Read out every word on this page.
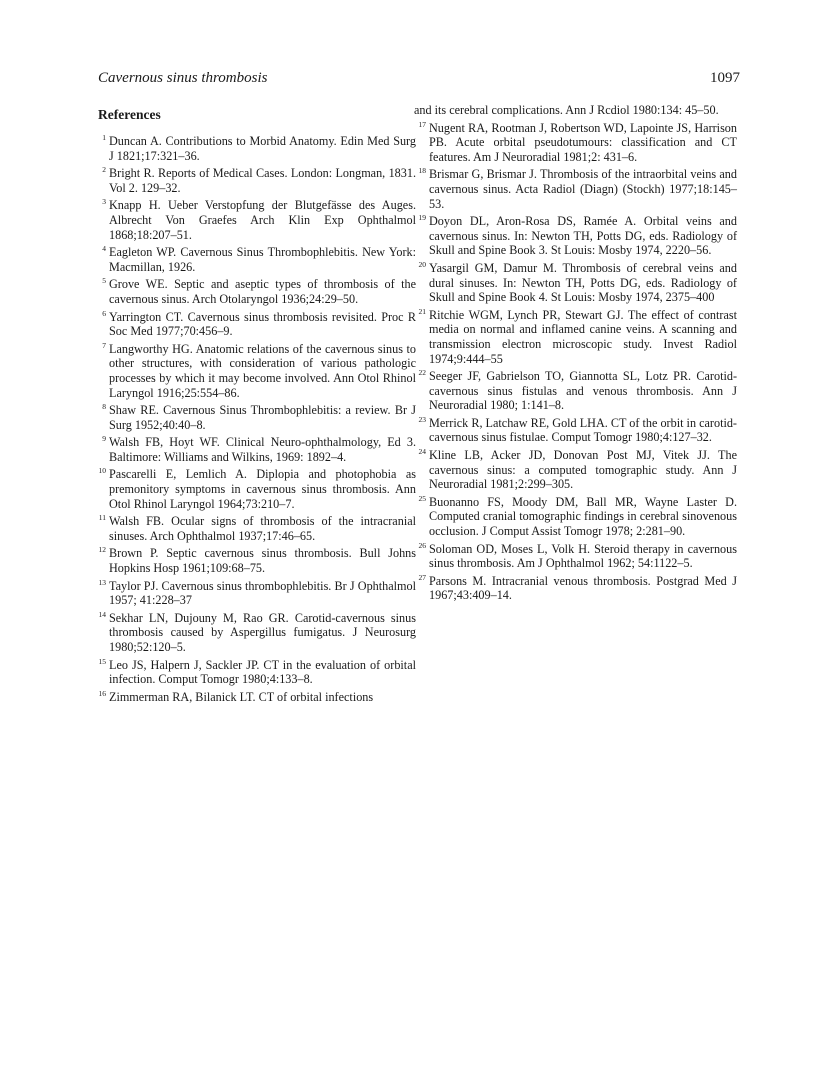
Cavernous sinus thrombosis	1097
References
1 Duncan A. Contributions to Morbid Anatomy. Edin Med Surg J 1821;17:321–36.
2 Bright R. Reports of Medical Cases. London: Longman, 1831. Vol 2. 129–32.
3 Knapp H. Ueber Verstopfung der Blutgefässe des Auges. Albrecht Von Graefes Arch Klin Exp Ophthalmol 1868;18:207–51.
4 Eagleton WP. Cavernous Sinus Thrombophlebitis. New York: Macmillan, 1926.
5 Grove WE. Septic and aseptic types of thrombosis of the cavernous sinus. Arch Otolaryngol 1936;24:29–50.
6 Yarrington CT. Cavernous sinus thrombosis revisited. Proc R Soc Med 1977;70:456–9.
7 Langworthy HG. Anatomic relations of the cavernous sinus to other structures, with consideration of various pathologic processes by which it may become involved. Ann Otol Rhinol Laryngol 1916;25:554–86.
8 Shaw RE. Cavernous Sinus Thrombophlebitis: a review. Br J Surg 1952;40:40–8.
9 Walsh FB, Hoyt WF. Clinical Neuro-ophthalmology, Ed 3. Baltimore: Williams and Wilkins, 1969: 1892–4.
10 Pascarelli E, Lemlich A. Diplopia and photophobia as premonitory symptoms in cavernous sinus thrombosis. Ann Otol Rhinol Laryngol 1964;73:210–7.
11 Walsh FB. Ocular signs of thrombosis of the intracranial sinuses. Arch Ophthalmol 1937;17:46–65.
12 Brown P. Septic cavernous sinus thrombosis. Bull Johns Hopkins Hosp 1961;109:68–75.
13 Taylor PJ. Cavernous sinus thrombophlebitis. Br J Ophthalmol 1957; 41:228–37
14 Sekhar LN, Dujouny M, Rao GR. Carotid-cavernous sinus thrombosis caused by Aspergillus fumigatus. J Neurosurg 1980;52:120–5.
15 Leo JS, Halpern J, Sackler JP. CT in the evaluation of orbital infection. Comput Tomogr 1980;4:133–8.
16 Zimmerman RA, Bilanick LT. CT of orbital infections
and its cerebral complications. Ann J Rcdiol 1980:134: 45–50.
17 Nugent RA, Rootman J, Robertson WD, Lapointe JS, Harrison PB. Acute orbital pseudotumours: classification and CT features. Am J Neuroradial 1981;2: 431–6.
18 Brismar G, Brismar J. Thrombosis of the intraorbital veins and cavernous sinus. Acta Radiol (Diagn) (Stockh) 1977;18:145–53.
19 Doyon DL, Aron-Rosa DS, Ramée A. Orbital veins and cavernous sinus. In: Newton TH, Potts DG, eds. Radiology of Skull and Spine Book 3. St Louis: Mosby 1974, 2220–56.
20 Yasargil GM, Damur M. Thrombosis of cerebral veins and dural sinuses. In: Newton TH, Potts DG, eds. Radiology of Skull and Spine Book 4. St Louis: Mosby 1974, 2375–400
21 Ritchie WGM, Lynch PR, Stewart GJ. The effect of contrast media on normal and inflamed canine veins. A scanning and transmission electron microscopic study. Invest Radiol 1974;9:444–55
22 Seeger JF, Gabrielson TO, Giannotta SL, Lotz PR. Carotid-cavernous sinus fistulas and venous thrombosis. Ann J Neuroradial 1980; 1:141–8.
23 Merrick R, Latchaw RE, Gold LHA. CT of the orbit in carotid-cavernous sinus fistulae. Comput Tomogr 1980;4:127–32.
24 Kline LB, Acker JD, Donovan Post MJ, Vitek JJ. The cavernous sinus: a computed tomographic study. Ann J Neuroradial 1981;2:299–305.
25 Buonanno FS, Moody DM, Ball MR, Wayne Laster D. Computed cranial tomographic findings in cerebral sinovenous occlusion. J Comput Assist Tomogr 1978; 2:281–90.
26 Soloman OD, Moses L, Volk H. Steroid therapy in cavernous sinus thrombosis. Am J Ophthalmol 1962; 54:1122–5.
27 Parsons M. Intracranial venous thrombosis. Postgrad Med J 1967;43:409–14.
